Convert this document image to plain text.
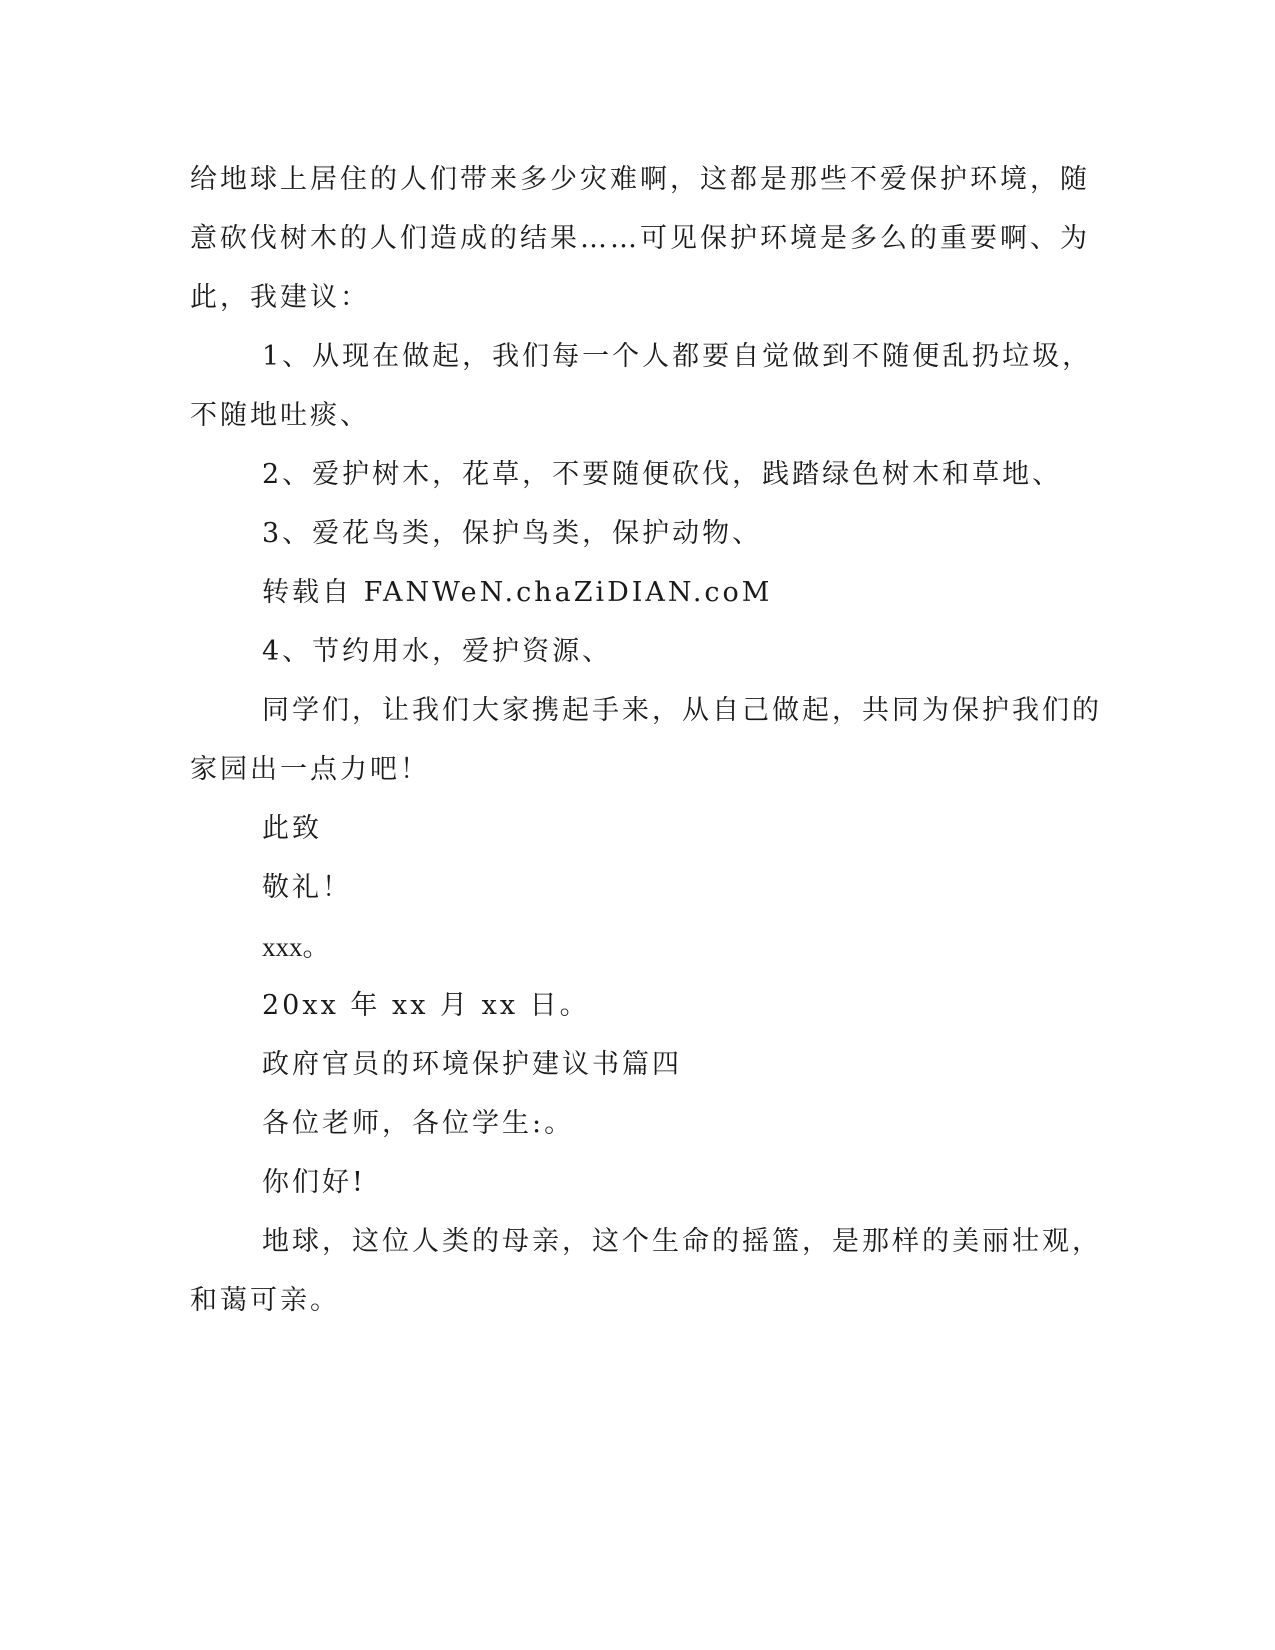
给地球上居住的人们带来多少灾难啊，这都是那些不爱保护环境，随
意砍伐树木的人们造成的结果……可见保护环境是多么的重要啊、为
此，我建议：
1、从现在做起，我们每一个人都要自觉做到不随便乱扔垃圾，
不随地吐痰、
2、爱护树木，花草，不要随便砍伐，践踏绿色树木和草地、
3、爱花鸟类，保护鸟类，保护动物、
转载自 FANWeN.chaZiDIAN.coM
4、节约用水，爱护资源、
同学们，让我们大家携起手来，从自己做起，共同为保护我们的
家园出一点力吧！
此致
敬礼！
xxx。
20xx 年 xx 月 xx 日。
政府官员的环境保护建议书篇四
各位老师，各位学生:。
你们好!
地球，这位人类的母亲，这个生命的摇篮，是那样的美丽壮观，
和蔼可亲。
